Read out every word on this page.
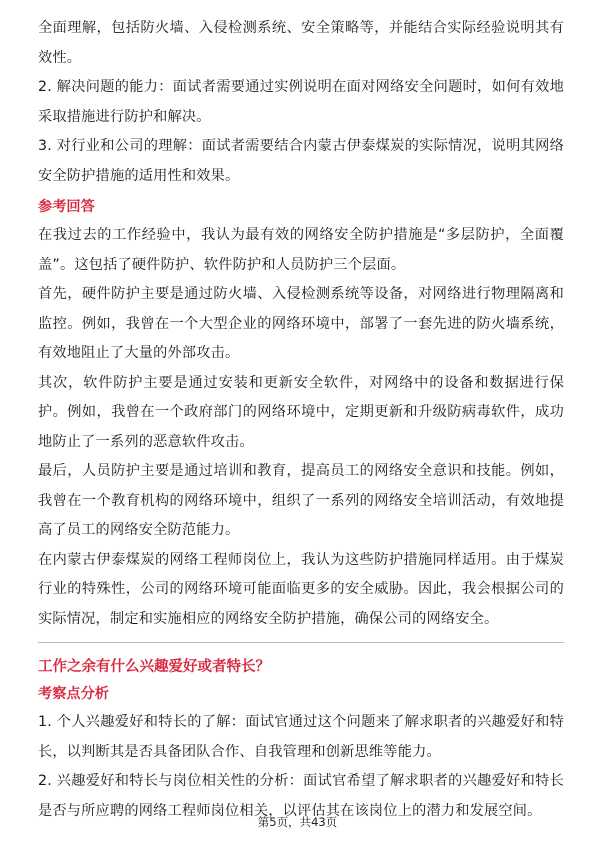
全面理解，包括防火墙、入侵检测系统、安全策略等，并能结合实际经验说明其有效性。

2. 解决问题的能力：面试者需要通过实例说明在面对网络安全问题时，如何有效地采取措施进行防护和解决。

3. 对行业和公司的理解：面试者需要结合内蒙古伊泰煤炭的实际情况，说明其网络安全防护措施的适用性和效果。

参考回答

在我过去的工作经验中，我认为最有效的网络安全防护措施是“多层防护，全面覆盖”。这包括了硬件防护、软件防护和人员防护三个层面。

首先，硬件防护主要是通过防火墙、入侵检测系统等设备，对网络进行物理隔离和监控。例如，我曾在一个大型企业的网络环境中，部署了一套先进的防火墙系统，有效地阻止了大量的外部攻击。

其次，软件防护主要是通过安装和更新安全软件，对网络中的设备和数据进行保护。例如，我曾在一个政府部门的网络环境中，定期更新和升级防病毒软件，成功地防止了一系列的恶意软件攻击。

最后，人员防护主要是通过培训和教育，提高员工的网络安全意识和技能。例如，我曾在一个教育机构的网络环境中，组织了一系列的网络安全培训活动，有效地提高了员工的网络安全防范能力。

在内蒙古伊泰煤炭的网络工程师岗位上，我认为这些防护措施同样适用。由于煤炭行业的特殊性，公司的网络环境可能面临更多的安全威胁。因此，我会根据公司的实际情况，制定和实施相应的网络安全防护措施，确保公司的网络安全。

工作之余有什么兴趣爱好或者特长？

考察点分析

1. 个人兴趣爱好和特长的了解：面试官通过这个问题来了解求职者的兴趣爱好和特长，以判断其是否具备团队合作、自我管理和创新思维等能力。

2. 兴趣爱好和特长与岗位相关性的分析：面试官希望了解求职者的兴趣爱好和特长是否与所应聘的网络工程师岗位相关，以评估其在该岗位上的潜力和发展空间。

第5页，共43页
